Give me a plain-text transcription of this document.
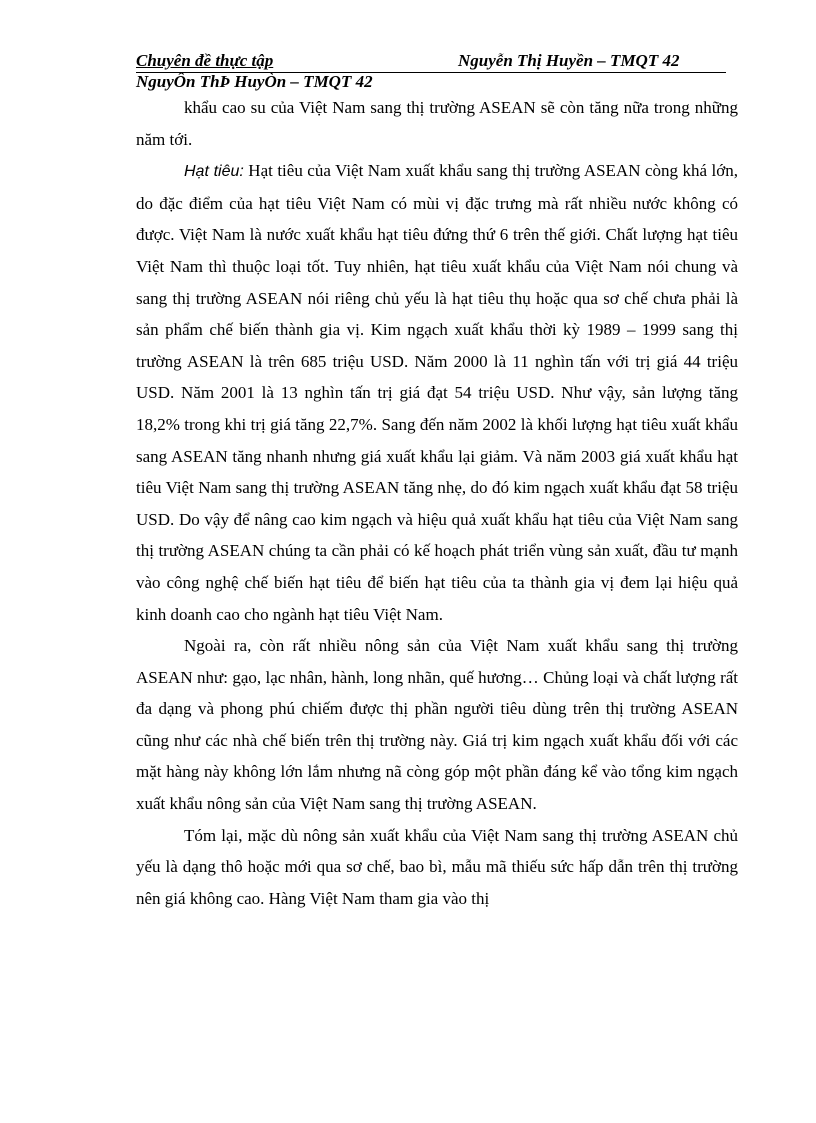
Chuyên đề thực tập	Nguyễn Thị Huyền – TMQT 42
NguyÔn ThÞ HuyÒn – TMQT 42

khẩu cao su của Việt Nam sang thị trường ASEAN sẽ còn tăng nữa trong những năm tới.

Hạt tiêu: Hạt tiêu của Việt Nam xuất khẩu sang thị trường ASEAN còng khá lớn, do đặc điểm của hạt tiêu Việt Nam có mùi vị đặc trưng mà rất nhiều nước không có được. Việt Nam là nước xuất khẩu hạt tiêu đứng thứ 6 trên thế giới. Chất lượng hạt tiêu Việt Nam thì thuộc loại tốt. Tuy nhiên, hạt tiêu xuất khẩu của Việt Nam nói chung và sang thị trường ASEAN nói riêng chủ yếu là hạt tiêu thụ hoặc qua sơ chế chưa phải là sản phẩm chế biến thành gia vị. Kim ngạch xuất khẩu thời kỳ 1989 – 1999 sang thị trường ASEAN là trên 685 triệu USD. Năm 2000 là 11 nghìn tấn với trị giá 44 triệu USD. Năm 2001 là 13 nghìn tấn trị giá đạt 54 triệu USD. Như vậy, sản lượng tăng 18,2% trong khi trị giá tăng 22,7%. Sang đến năm 2002 là khối lượng hạt tiêu xuất khẩu sang ASEAN tăng nhanh nhưng giá xuất khẩu lại giảm. Và năm 2003 giá xuất khẩu hạt tiêu Việt Nam sang thị trường ASEAN tăng nhẹ, do đó kim ngạch xuất khẩu đạt 58 triệu USD. Do vậy để nâng cao kim ngạch và hiệu quả xuất khẩu hạt tiêu của Việt Nam sang thị trường ASEAN chúng ta cần phải có kế hoạch phát triển vùng sản xuất, đầu tư mạnh vào công nghệ chế biến hạt tiêu để biến hạt tiêu của ta thành gia vị đem lại hiệu quả kinh doanh cao cho ngành hạt tiêu Việt Nam.

Ngoài ra, còn rất nhiều nông sản của Việt Nam xuất khẩu sang thị trường ASEAN như: gạo, lạc nhân, hành, long nhãn, quế hương… Chủng loại và chất lượng rất đa dạng và phong phú chiếm được thị phần người tiêu dùng trên thị trường ASEAN cũng như các nhà chế biến trên thị trường này. Giá trị kim ngạch xuất khẩu đối với các mặt hàng này không lớn lắm nhưng nã còng góp một phần đáng kể vào tổng kim ngạch xuất khẩu nông sản của Việt Nam sang thị trường ASEAN.

Tóm lại, mặc dù nông sản xuất khẩu của Việt Nam sang thị trường ASEAN chủ yếu là dạng thô hoặc mới qua sơ chế, bao bì, mẫu mã thiếu sức hấp dẫn trên thị trường nên giá không cao. Hàng Việt Nam tham gia vào thị
